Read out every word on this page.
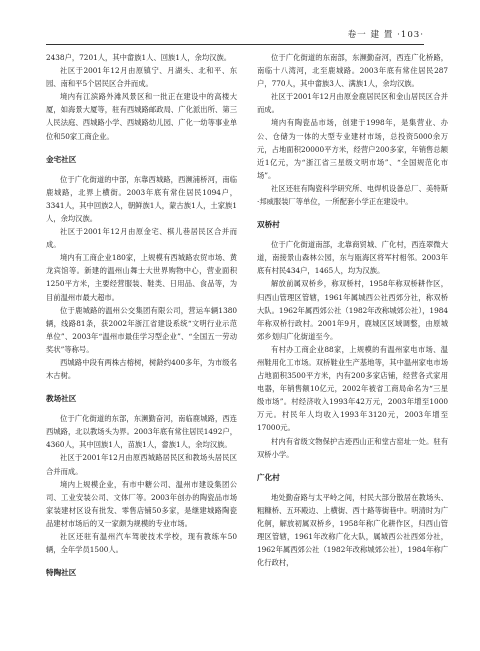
卷一 建 置 ·103·

2438户，7201人，其中畲族1人、回族1人，余均汉族。

社区于2001年12月由原镇宁、月湖头、北和平、东园、南和平5个居民区合并而成。

境内有江滨路外滩风景区和一批正在建设中的高楼大厦，如海景大厦等，驻有西城路邮政局、广化派出所、第三人民法庭、西城路小学、西城路幼儿园、广化一幼等事业单位和50家工商企业。

金宅社区

位于广化街道的中部，东靠西城路，西濒浦桥河，南临鹿城路，北界上横街。2003年底有常住居民1094户，3341人，其中回族2人，朝鲜族1人，蒙古族1人，土家族1人，余均汉族。

社区于2001年12月由原金宅、棋儿巷居民区合并而成。

境内有工商企业180家，上规模有西城路农贸市场、黄龙宾馆等。新建的温州山舞士大世界购物中心，营业面积1250平方米，主要经营服装、鞋类、日用品、食品等，为目前温州市最大超市。

位于鹿城路的温州公交集团有限公司，营运车辆1380辆，线路81条，获2002年浙江省建设系统“文明行业示范单位”、2003年“温州市最佳学习型企业”、“全国五一劳动奖状”等称号。

西城路中段有两株古榕树，树龄约400多年，为市级名木古树。

教场社区

位于广化街道的东部，东濒勤奋河，南临鹿城路，西连西城路，北以教场头为界。2003年底有常住居民1492户，4360人，其中回族1人，苗族1人，畲族1人，余均汉族。

社区于2001年12月由原西城路居民区和教场头居民区合并而成。

境内上规模企业，有市中糖公司、温州市建设集团公司、工业安装公司、文体厂等。2003年创办的陶瓷品市场家装建材区设有批发、零售店铺50多家，是继建城路陶瓷品建材市场后的又一家颇为规模的专业市场。

社区还驻有温州汽车驾驶技术学校，现有教练车50辆，全年学员1500人。

特陶社区

位于广化街道的东南部，东濒勤奋河，西连广化桥路，南临十八湾河，北至鹿城路。2003年底有常住居民287户，770人，其中畲族3人、满族1人，余均汉族。

社区于2001年12月由原金鹿居民区和金山居民区合并而成。

境内有陶瓷品市场，创建于1998年，是集营业、办公、仓储为一体的大型专业建材市场，总投资5000余万元，占地面积20000平方米，经营户200多家，年销售总额近1亿元，为“浙江省三星级文明市场”、“全国规范化市场”。

社区还驻有陶瓷科学研究所、电焊机设备总厂、美特斯·邦威服装厂等单位，一所配套小学正在建设中。

双桥村

位于广化街道南部，北靠商贸城、广化村，西连翠微大道，南接景山森林公园，东与瓯海区将军村相邻。2003年底有村民434户，1465人，均为汉族。

解放前属双桥乡，称双桥村，1958年称双桥耕作区，归西山管理区管辖，1961年属城西公社西郊分社，称双桥大队。1962年属西郊公社（1982年改称城郊公社），1984年称双桥行政村。2001年9月，鹿城区区域调整，由原城郊乡划归广化街道至今。

有村办工商企业88家，上规模的有温州家电市场、温州鞋用化工市场。双桥鞋业生产基地等，其中温州家电市场占地面积3500平方米，内有200多家店铺，经营各式家用电器，年销售额10亿元，2002年被省工商局命名为“三星级市场”。村经济收入1993年42万元，2003年增至1000万元。村民年人均收入1993年3120元，2003年增至17000元。

村内有省级文物保护古迹西山正和堂古窑址一处。驻有双桥小学。

广化村

地处勤奋路与太平岭之间，村民大部分散居在教场头、粗糠桥、五环殿边、上横街、西十路等街巷中。明清时为广化舸，解放初属双桥乡，1958年称广化耕作区，归西山管理区管辖，1961年改称广化大队，属城西公社西郊分社，1962年属西郊公社（1982年改称城郊公社），1984年称广化行政村，
